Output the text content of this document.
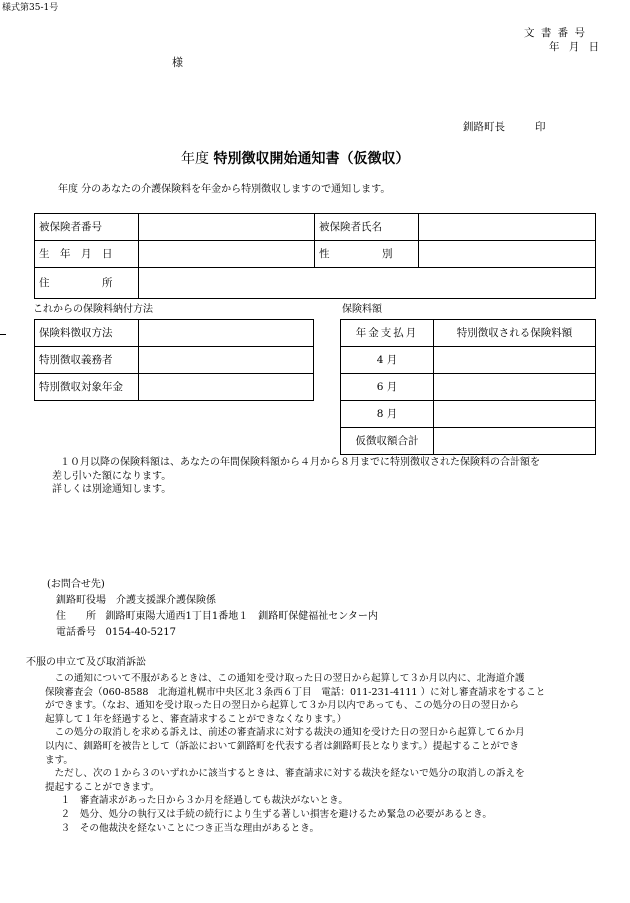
様式第35-1号
文 書 番 号
年 月 日
様
釧路町長	印
年度 特別徴収開始通知書（仮徴収）
年度 分のあなたの介護保険料を年金から特別徴収しますので通知します。
被保険者番号		被保険者氏名	
生　年　月　日		性　　　　　別	
住　　　　　所			
これからの保険料納付方法
保険料徴収方法	
特別徴収義務者	
特別徴収対象年金	
保険料額
年金支払月	特別徴収される保険料額
4 月	
6 月	
8 月	
仮徴収額合計	
１０月以降の保険料額は、あなたの年間保険料額から４月から８月までに特別徴収された保険料の合計額を
差し引いた額になります。
詳しくは別途通知します。
(お問合せ先)
釧路町役場　介護支援課介護保険係
住　　所 釧路町東陽大通西1丁目1番地１　釧路町保健福祉センター内
電話番号 0154-40-5217
不服の申立て及び取消訴訟
　この通知について不服があるときは、この通知を受け取った日の翌日から起算して３か月以内に、北海道介護
保険審査会（060-8588　北海道札幌市中央区北３条西６丁目　電話：011-231-4111 ）に対し審査請求をすること
ができます。（なお、通知を受け取った日の翌日から起算して３か月以内であっても、この処分の日の翌日から
起算して１年を経過すると、審査請求することができなくなります。）
　この処分の取消しを求める訴えは、前述の審査請求に対する裁決の通知を受けた日の翌日から起算して６か月
以内に、釧路町を被告として（訴訟において釧路町を代表する者は釧路町長となります。）提起することができ
ます。
　ただし、次の１から３のいずれかに該当するときは、審査請求に対する裁決を経ないで処分の取消しの訴えを
提起することができます。
　１　審査請求があった日から３か月を経過しても裁決がないとき。
　２　処分、処分の執行又は手続の続行により生ずる著しい損害を避けるため緊急の必要があるとき。
　３　その他裁決を経ないことにつき正当な理由があるとき。
